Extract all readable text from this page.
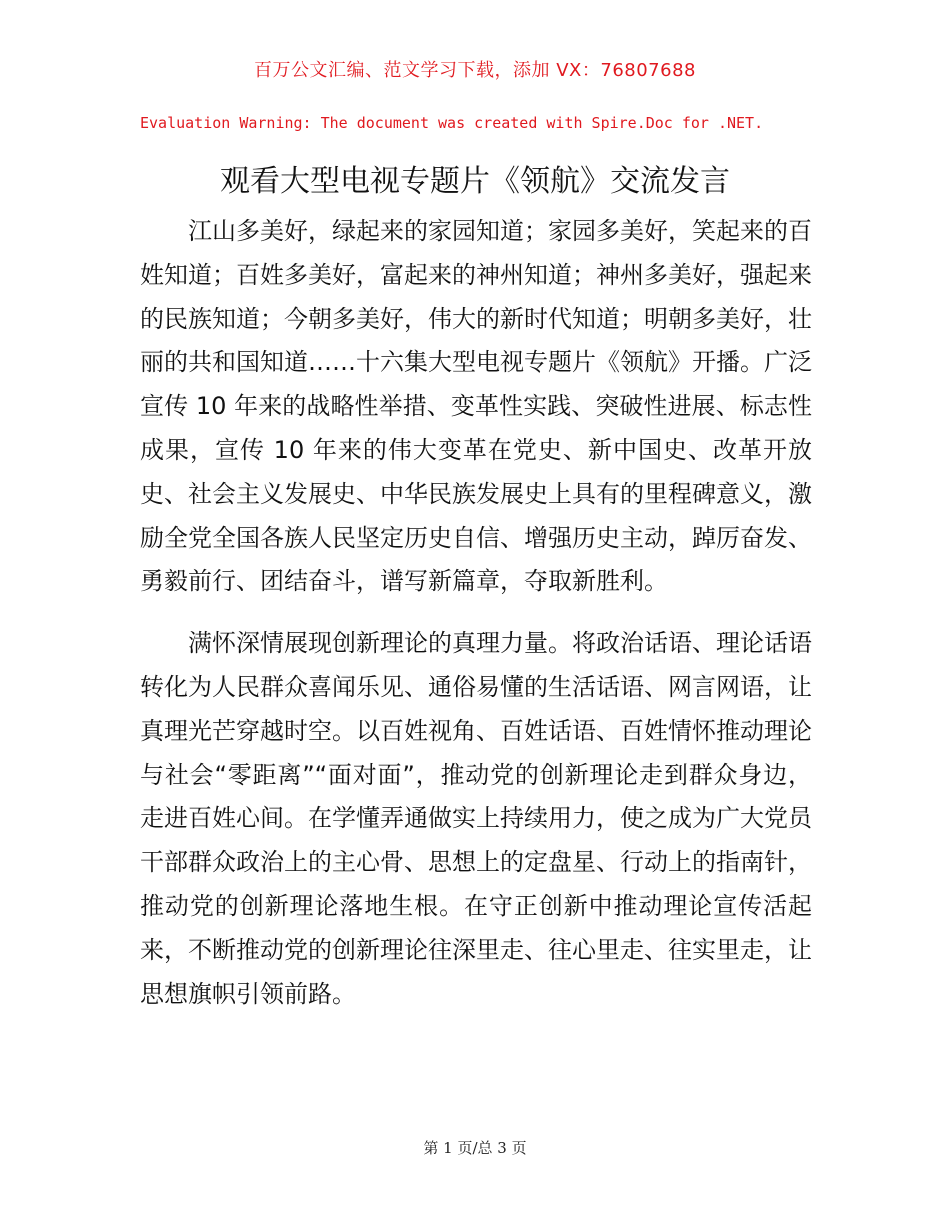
百万公文汇编、范文学习下载，添加 VX：76807688
Evaluation Warning: The document was created with Spire.Doc for .NET.
观看大型电视专题片《领航》交流发言

江山多美好，绿起来的家园知道；家园多美好，笑起来的百姓知道；百姓多美好，富起来的神州知道；神州多美好，强起来的民族知道；今朝多美好，伟大的新时代知道；明朝多美好，壮丽的共和国知道……十六集大型电视专题片《领航》开播。广泛宣传 10 年来的战略性举措、变革性实践、突破性进展、标志性成果，宣传 10 年来的伟大变革在党史、新中国史、改革开放史、社会主义发展史、中华民族发展史上具有的里程碑意义，激励全党全国各族人民坚定历史自信、增强历史主动，踔厉奋发、勇毅前行、团结奋斗，谱写新篇章，夺取新胜利。

满怀深情展现创新理论的真理力量。将政治话语、理论话语转化为人民群众喜闻乐见、通俗易懂的生活话语、网言网语，让真理光芒穿越时空。以百姓视角、百姓话语、百姓情怀推动理论与社会“零距离”“面对面”，推动党的创新理论走到群众身边，走进百姓心间。在学懂弄通做实上持续用力，使之成为广大党员干部群众政治上的主心骨、思想上的定盘星、行动上的指南针，推动党的创新理论落地生根。在守正创新中推动理论宣传活起来，不断推动党的创新理论往深里走、往心里走、往实里走，让思想旗帜引领前路。

第 1 页/总 3 页
